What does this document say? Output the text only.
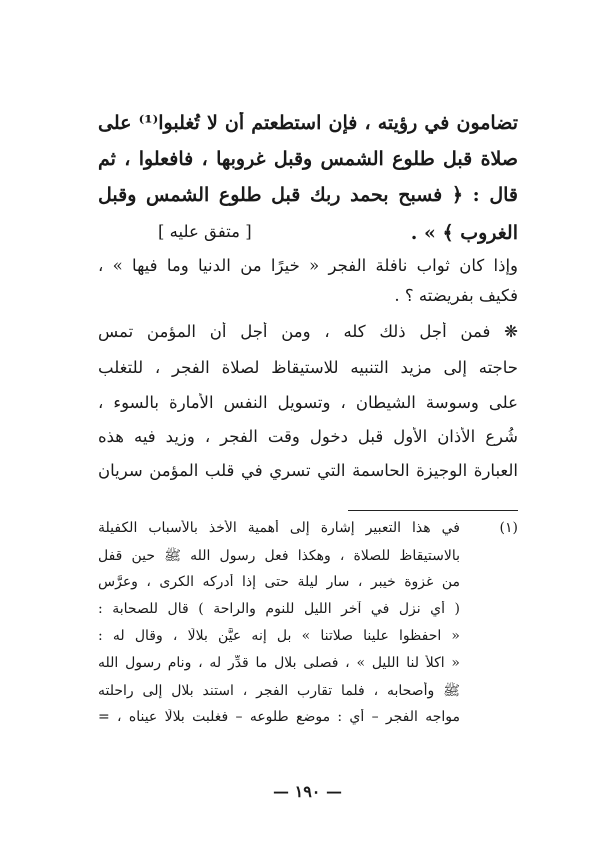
تضامون في رؤيته ، فإن استطعتم أن لا تُغلبوا⁽¹⁾ على
صلاة قبل طلوع الشمس وقبل غروبها ، فافعلوا ، ثم
قال : ﴿ فسبح بحمد ربك قبل طلوع الشمس وقبل
الغروب ﴾ » .
[ متفق عليه ]
وإذا كان ثواب نافلة الفجر « خيرًا من الدنيا وما فيها » ،
فكيف بفريضته ؟ .
❋ فمن أجل ذلك كله ، ومن أجل أن المؤمن تمس
حاجته إلى مزيد التنبيه للاستيقاظ لصلاة الفجر ، للتغلب
على وسوسة الشيطان ، وتسويل النفس الأمارة بالسوء ،
شُرع الأذان الأول قبل دخول وقت الفجر ، وزيد فيه هذه
العبارة الوجيزة الحاسمة التي تسري في قلب المؤمن سريان
(١)
في هذا التعبير إشارة إلى أهمية الأخذ بالأسباب الكفيلة
بالاستيقاظ للصلاة ، وهكذا فعل رسول الله ﷺ حين قفل
من غزوة خيبر ، سار ليلة حتى إذا أدركه الكرى ، وعرَّس
( أي نزل في آخر الليل للنوم والراحة ) قال للصحابة :
« احفظوا علينا صلاتنا » بل إنه عيَّن بلالًا ، وقال له :
« اكلأ لنا الليل » ، فصلى بلال ما قدِّر له ، ونام رسول الله
ﷺ وأصحابه ، فلما تقارب الفجر ، استند بلال إلى راحلته
مواجه الفجر – أي : موضع طلوعه – فغلبت بلالًا عيناه ، =
— ١٩٠ —
